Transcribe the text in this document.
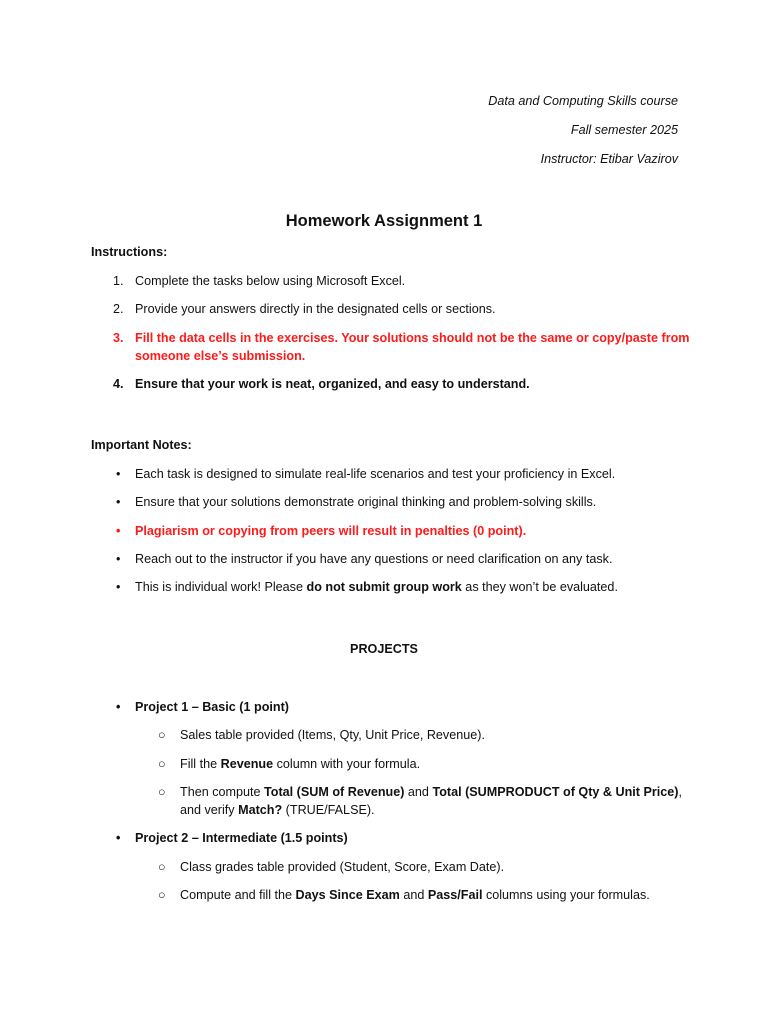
Data and Computing Skills course
Fall semester 2025
Instructor: Etibar Vazirov
Homework Assignment 1
Instructions:
1. Complete the tasks below using Microsoft Excel.
2. Provide your answers directly in the designated cells or sections.
3. Fill the data cells in the exercises. Your solutions should not be the same or copy/paste from someone else’s submission.
4. Ensure that your work is neat, organized, and easy to understand.
Important Notes:
• Each task is designed to simulate real-life scenarios and test your proficiency in Excel.
• Ensure that your solutions demonstrate original thinking and problem-solving skills.
• Plagiarism or copying from peers will result in penalties (0 point).
• Reach out to the instructor if you have any questions or need clarification on any task.
• This is individual work! Please do not submit group work as they won’t be evaluated.
PROJECTS
• Project 1 – Basic (1 point)
○ Sales table provided (Items, Qty, Unit Price, Revenue).
○ Fill the Revenue column with your formula.
○ Then compute Total (SUM of Revenue) and Total (SUMPRODUCT of Qty & Unit Price), and verify Match? (TRUE/FALSE).
• Project 2 – Intermediate (1.5 points)
○ Class grades table provided (Student, Score, Exam Date).
○ Compute and fill the Days Since Exam and Pass/Fail columns using your formulas.
